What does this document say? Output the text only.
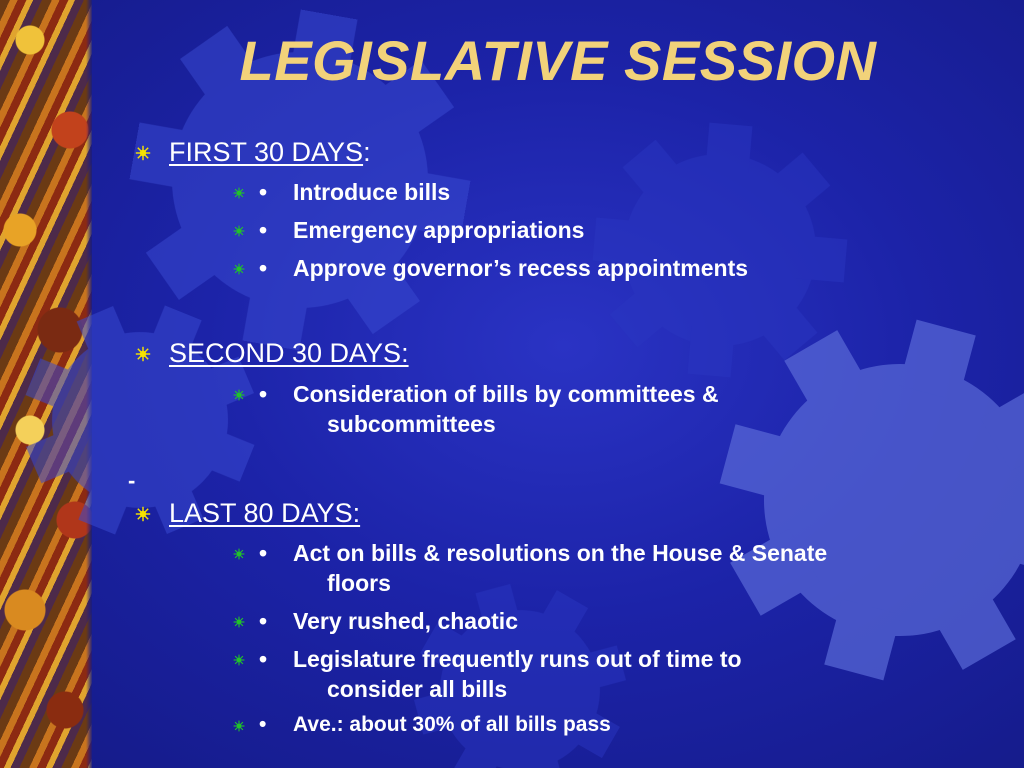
LEGISLATIVE SESSION
FIRST 30 DAYS :
•	Introduce bills
•	Emergency appropriations
•	Approve governor’s recess appointments
SECOND 30 DAYS:
•	Consideration of bills by committees &
subcommittees
-
LAST 80 DAYS:
•	Act on bills & resolutions on the House & Senate
floors
•	Very rushed, chaotic
•	Legislature frequently runs out of time to
consider all bills
•	Ave.: about 30% of all bills pass
